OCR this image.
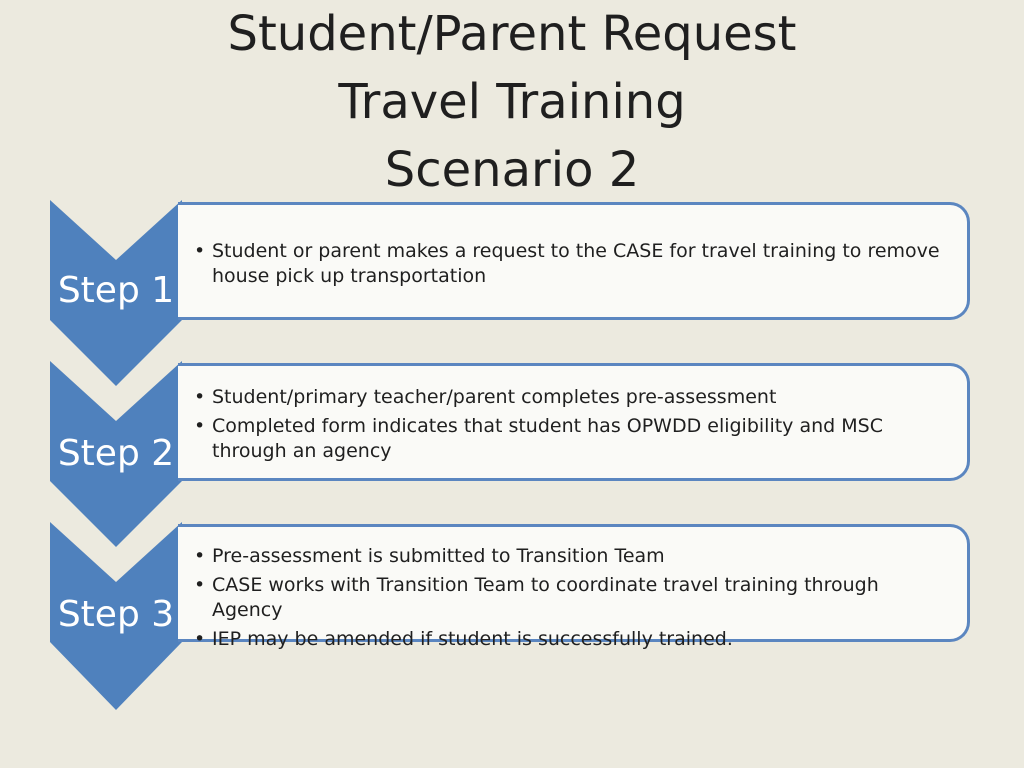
Student/Parent Request
Travel Training
Scenario 2
Step 1
• Student or parent makes a request to the CASE for travel training to remove house pick up transportation
Step 2
• Student/primary teacher/parent completes pre-assessment
• Completed form indicates that student has OPWDD eligibility and MSC through an agency
Step 3
• Pre-assessment is submitted to Transition Team
• CASE works with Transition Team to coordinate travel training through Agency
• IEP may be amended if student is successfully trained.
